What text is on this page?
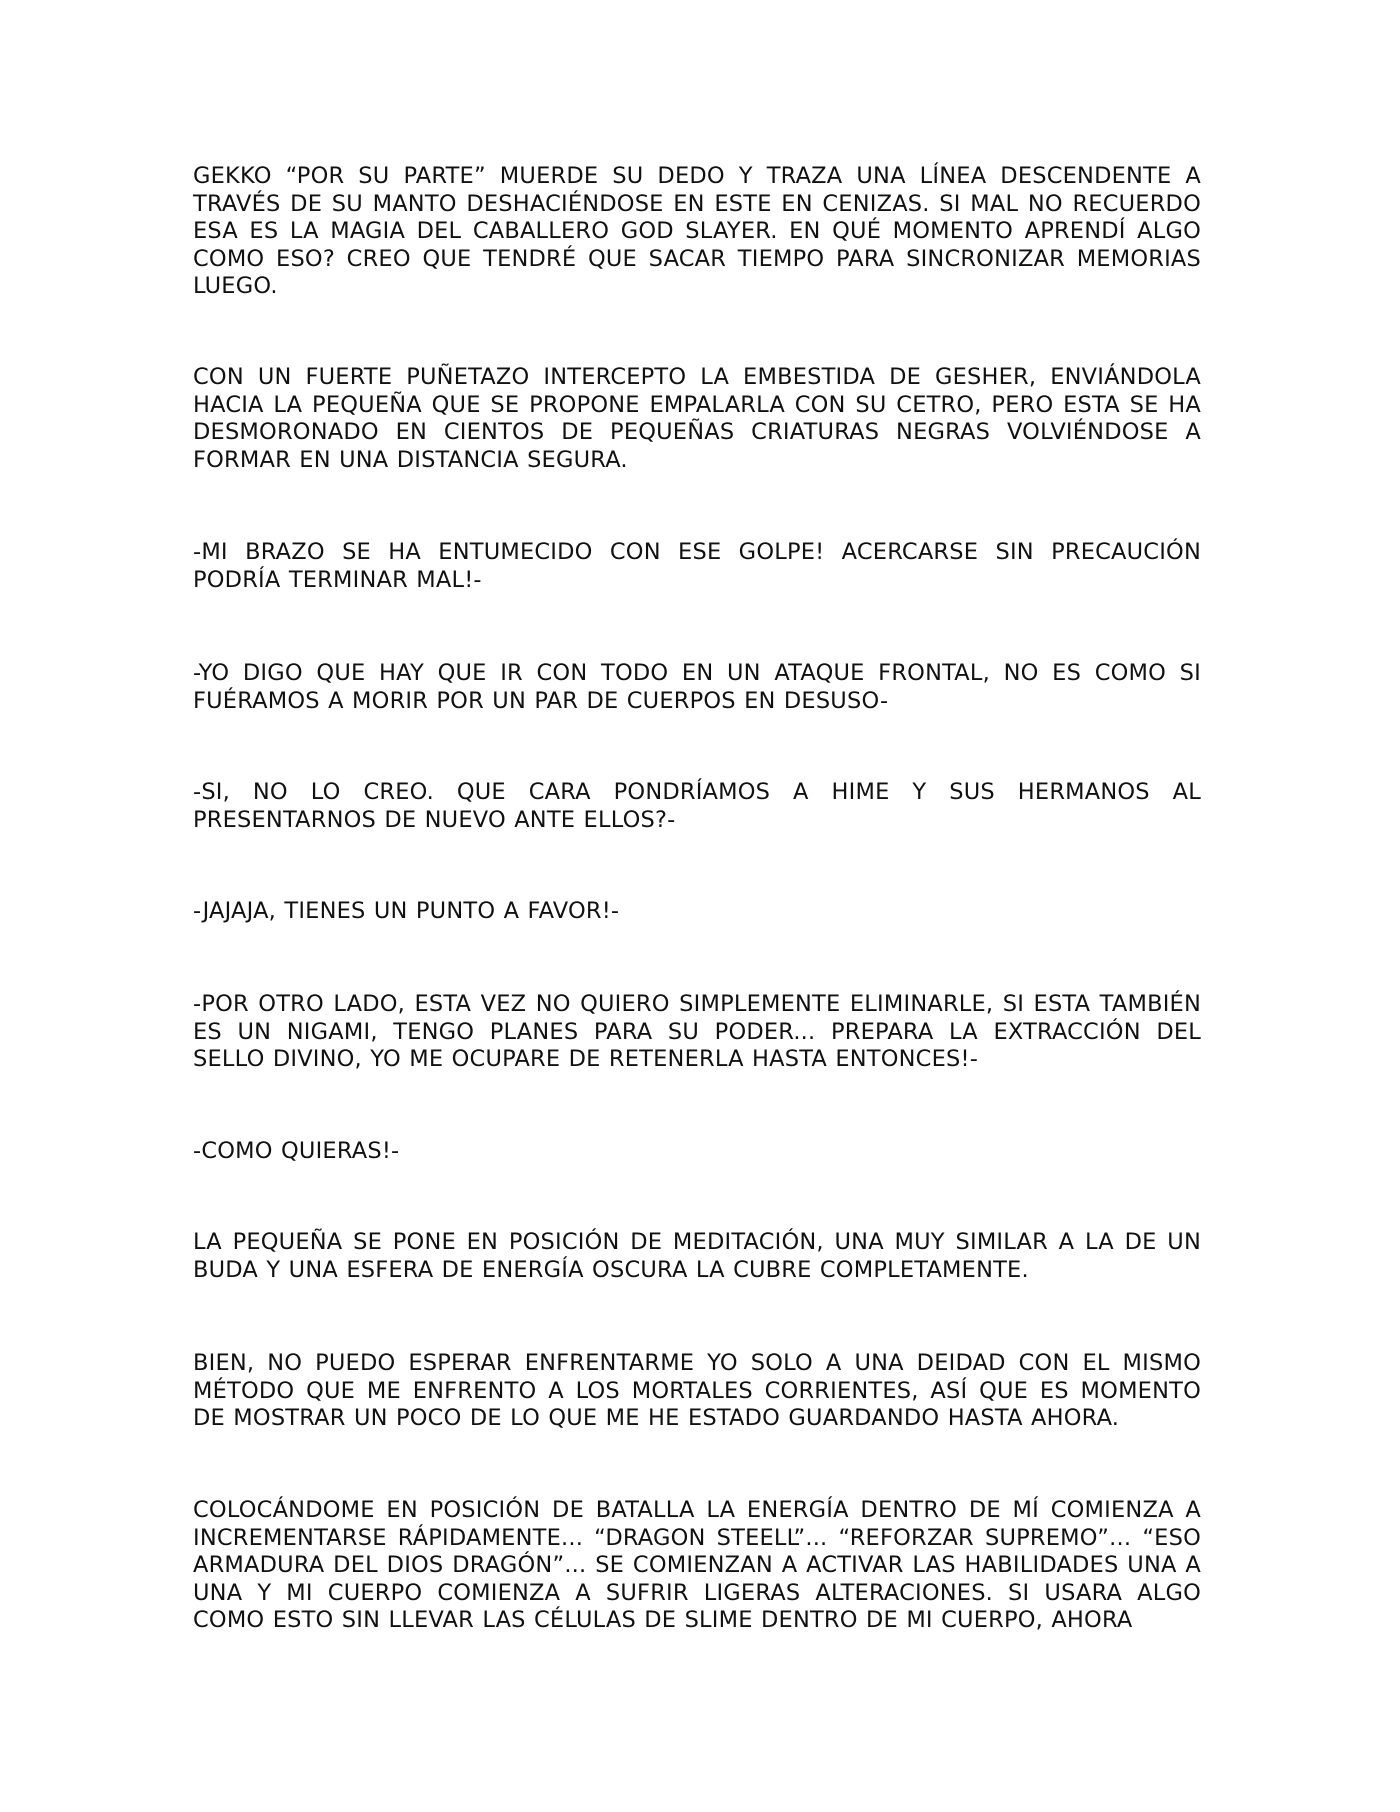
GEKKO “POR SU PARTE” MUERDE SU DEDO Y TRAZA UNA LÍNEA DESCENDENTE A TRAVÉS DE SU MANTO DESHACIÉNDOSE EN ESTE EN CENIZAS. SI MAL NO RECUERDO ESA ES LA MAGIA DEL CABALLERO GOD SLAYER. EN QUÉ MOMENTO APRENDÍ ALGO COMO ESO? CREO QUE TENDRÉ QUE SACAR TIEMPO PARA SINCRONIZAR MEMORIAS LUEGO.

CON UN FUERTE PUÑETAZO INTERCEPTO LA EMBESTIDA DE GESHER, ENVIÁNDOLA HACIA LA PEQUEÑA QUE SE PROPONE EMPALARLA CON SU CETRO, PERO ESTA SE HA DESMORONADO EN CIENTOS DE PEQUEÑAS CRIATURAS NEGRAS VOLVIÉNDOSE A FORMAR EN UNA DISTANCIA SEGURA.

-MI BRAZO SE HA ENTUMECIDO CON ESE GOLPE! ACERCARSE SIN PRECAUCIÓN PODRÍA TERMINAR MAL!-

-YO DIGO QUE HAY QUE IR CON TODO EN UN ATAQUE FRONTAL, NO ES COMO SI FUÉRAMOS A MORIR POR UN PAR DE CUERPOS EN DESUSO-

-SI, NO LO CREO. QUE CARA PONDRÍAMOS A HIME Y SUS HERMANOS AL PRESENTARNOS DE NUEVO ANTE ELLOS?-

-JAJAJA, TIENES UN PUNTO A FAVOR!-

-POR OTRO LADO, ESTA VEZ NO QUIERO SIMPLEMENTE ELIMINARLE, SI ESTA TAMBIÉN ES UN NIGAMI, TENGO PLANES PARA SU PODER... PREPARA LA EXTRACCIÓN DEL SELLO DIVINO, YO ME OCUPARE DE RETENERLA HASTA ENTONCES!-

-COMO QUIERAS!-

LA PEQUEÑA SE PONE EN POSICIÓN DE MEDITACIÓN, UNA MUY SIMILAR A LA DE UN BUDA Y UNA ESFERA DE ENERGÍA OSCURA LA CUBRE COMPLETAMENTE.

BIEN, NO PUEDO ESPERAR ENFRENTARME YO SOLO A UNA DEIDAD CON EL MISMO MÉTODO QUE ME ENFRENTO A LOS MORTALES CORRIENTES, ASÍ QUE ES MOMENTO DE MOSTRAR UN POCO DE LO QUE ME HE ESTADO GUARDANDO HASTA AHORA.

COLOCÁNDOME EN POSICIÓN DE BATALLA LA ENERGÍA DENTRO DE MÍ COMIENZA A INCREMENTARSE RÁPIDAMENTE... “DRAGON STEELL”... “REFORZAR SUPREMO”... “ESO ARMADURA DEL DIOS DRAGÓN”... SE COMIENZAN A ACTIVAR LAS HABILIDADES UNA A UNA Y MI CUERPO COMIENZA A SUFRIR LIGERAS ALTERACIONES. SI USARA ALGO COMO ESTO SIN LLEVAR LAS CÉLULAS DE SLIME DENTRO DE MI CUERPO, AHORA
